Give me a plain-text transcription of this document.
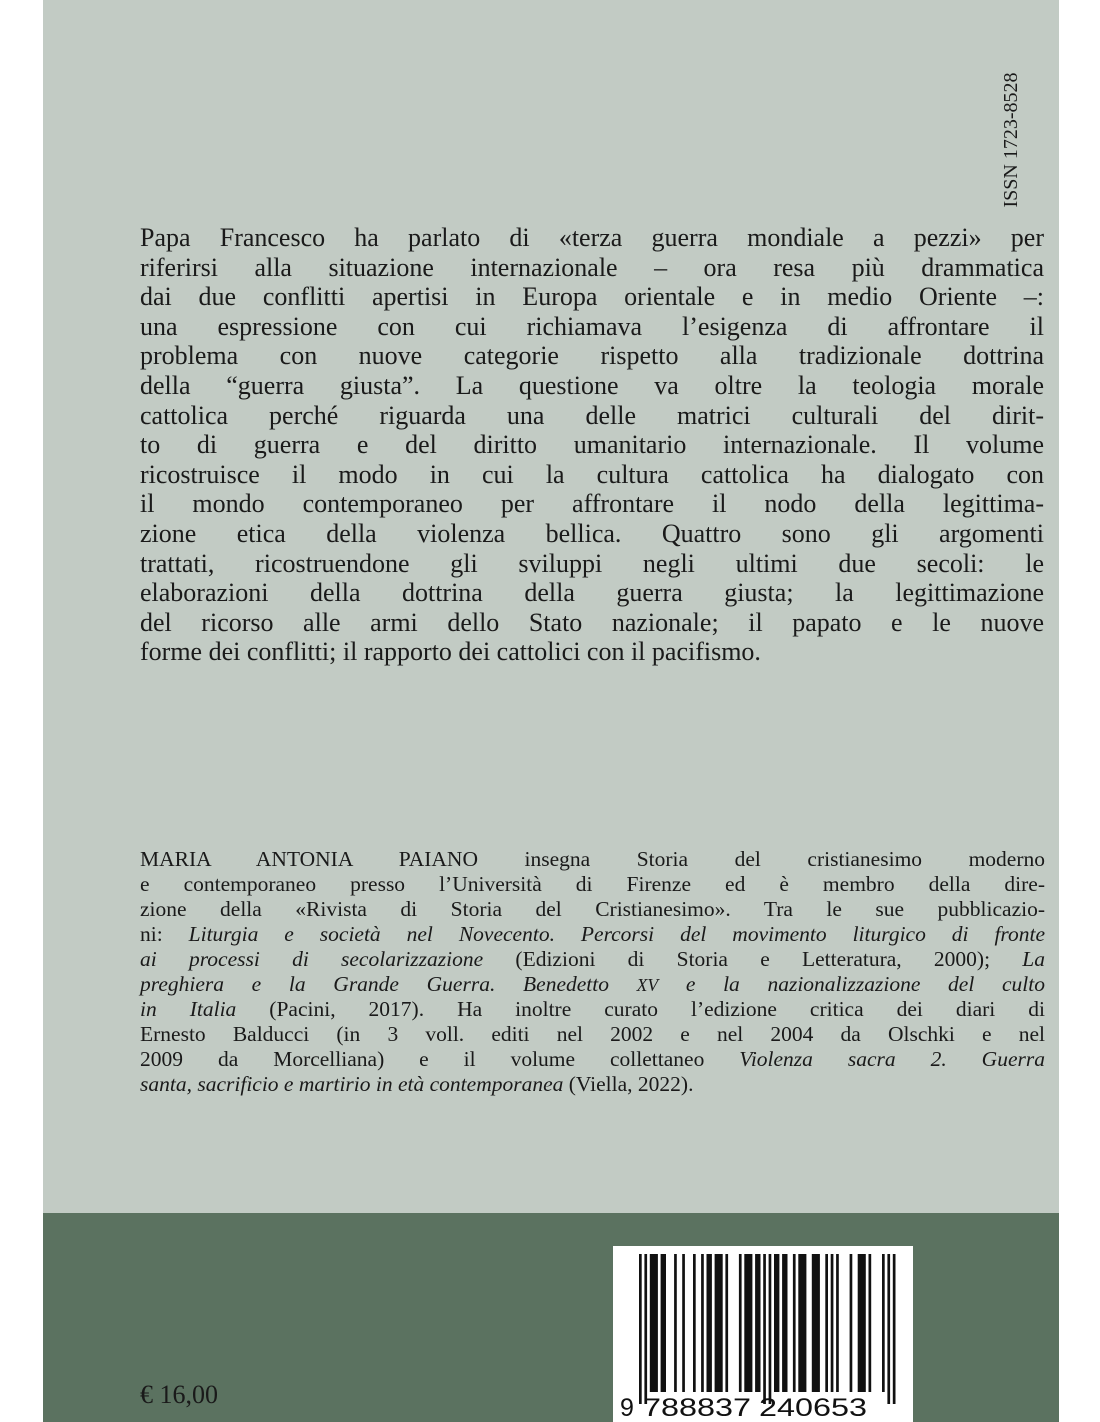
ISSN 1723-8528
Papa Francesco ha parlato di «terza guerra mondiale a pezzi» per
riferirsi alla situazione internazionale – ora resa più drammatica
dai due conflitti apertisi in Europa orientale e in medio Oriente –:
una espressione con cui richiamava l’esigenza di affrontare il
problema con nuove categorie rispetto alla tradizionale dottrina
della “guerra giusta”. La questione va oltre la teologia morale
cattolica perché riguarda una delle matrici culturali del dirit-
to di guerra e del diritto umanitario internazionale. Il volume
ricostruisce il modo in cui la cultura cattolica ha dialogato con
il mondo contemporaneo per affrontare il nodo della legittima-
zione etica della violenza bellica. Quattro sono gli argomenti
trattati, ricostruendone gli sviluppi negli ultimi due secoli: le
elaborazioni della dottrina della guerra giusta; la legittimazione
del ricorso alle armi dello Stato nazionale; il papato e le nuove
forme dei conflitti; il rapporto dei cattolici con il pacifismo.
MARIA ANTONIA PAIANO insegna Storia del cristianesimo moderno
e contemporaneo presso l’Università di Firenze ed è membro della dire-
zione della «Rivista di Storia del Cristianesimo». Tra le sue pubblicazio-
ni: Liturgia e società nel Novecento. Percorsi del movimento liturgico di fronte
ai processi di secolarizzazione (Edizioni di Storia e Letteratura, 2000); La
preghiera e la Grande Guerra. Benedetto XV e la nazionalizzazione del culto
in Italia (Pacini, 2017). Ha inoltre curato l’edizione critica dei diari di
Ernesto Balducci (in 3 voll. editi nel 2002 e nel 2004 da Olschki e nel
2009 da Morcelliana) e il volume collettaneo Violenza sacra 2. Guerra
santa, sacrificio e martirio in età contemporanea (Viella, 2022).
€ 16,00	9 788837 240653
